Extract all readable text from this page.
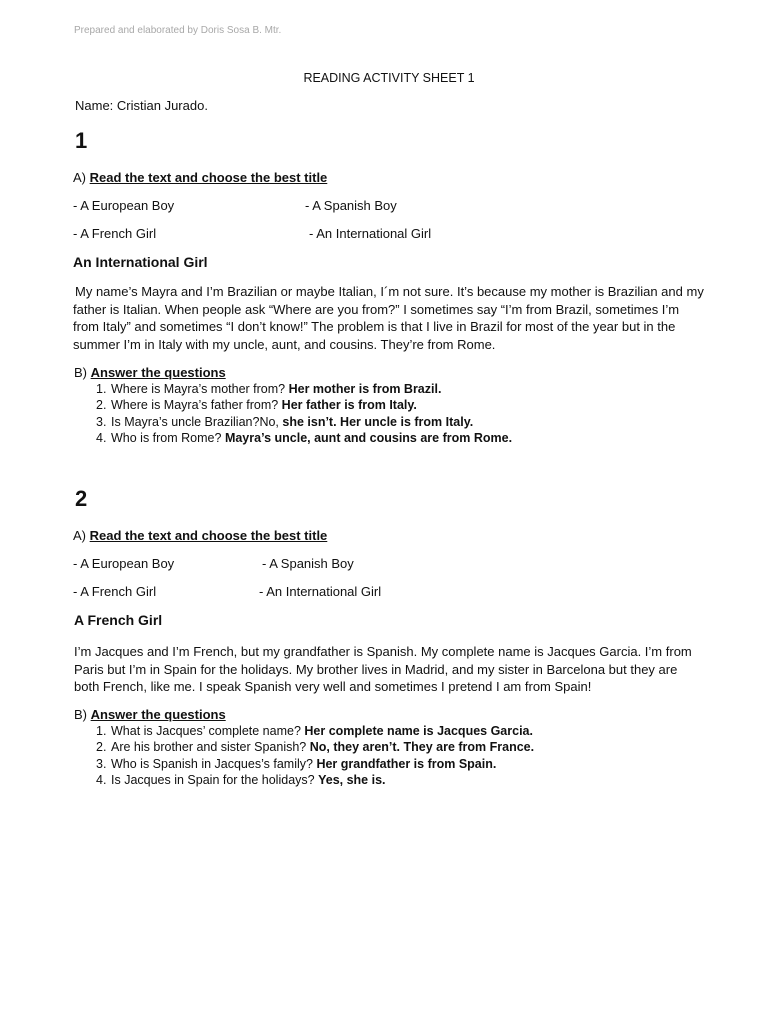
Prepared and elaborated by Doris Sosa B. Mtr.
READING ACTIVITY SHEET 1
Name: Cristian Jurado.
1
A) Read the text and choose the best title
- A European Boy	- A Spanish Boy
- A French Girl	- An International Girl
An International Girl
My name’s Mayra and I’m Brazilian or maybe Italian, I´m not sure. It’s because my mother is Brazilian and my
father is Italian. When people ask “Where are you from?” I sometimes say “I’m from Brazil, sometimes I’m
from Italy” and sometimes “I don’t know!” The problem is that I live in Brazil for most of the year but in the
summer I’m in Italy with my uncle, aunt, and cousins. They’re from Rome.
B) Answer the questions
1. Where is Mayra’s mother from? Her mother is from Brazil.
2. Where is Mayra’s father from? Her father is from Italy.
3. Is Mayra’s uncle Brazilian?No, she isn’t. Her uncle is from Italy.
4. Who is from Rome? Mayra’s uncle, aunt and cousins are from Rome.
2
A) Read the text and choose the best title
- A European Boy	- A Spanish Boy
- A French Girl	- An International Girl
A French Girl
I’m Jacques and I’m French, but my grandfather is Spanish. My complete name is Jacques Garcia. I’m from
Paris but I’m in Spain for the holidays. My brother lives in Madrid, and my sister in Barcelona but they are
both French, like me. I speak Spanish very well and sometimes I pretend I am from Spain!
B) Answer the questions
1. What is Jacques’ complete name? Her complete name is Jacques Garcia.
2. Are his brother and sister Spanish? No, they aren’t. They are from France.
3. Who is Spanish in Jacques’s family? Her grandfather is from Spain.
4. Is Jacques in Spain for the holidays? Yes, she is.
